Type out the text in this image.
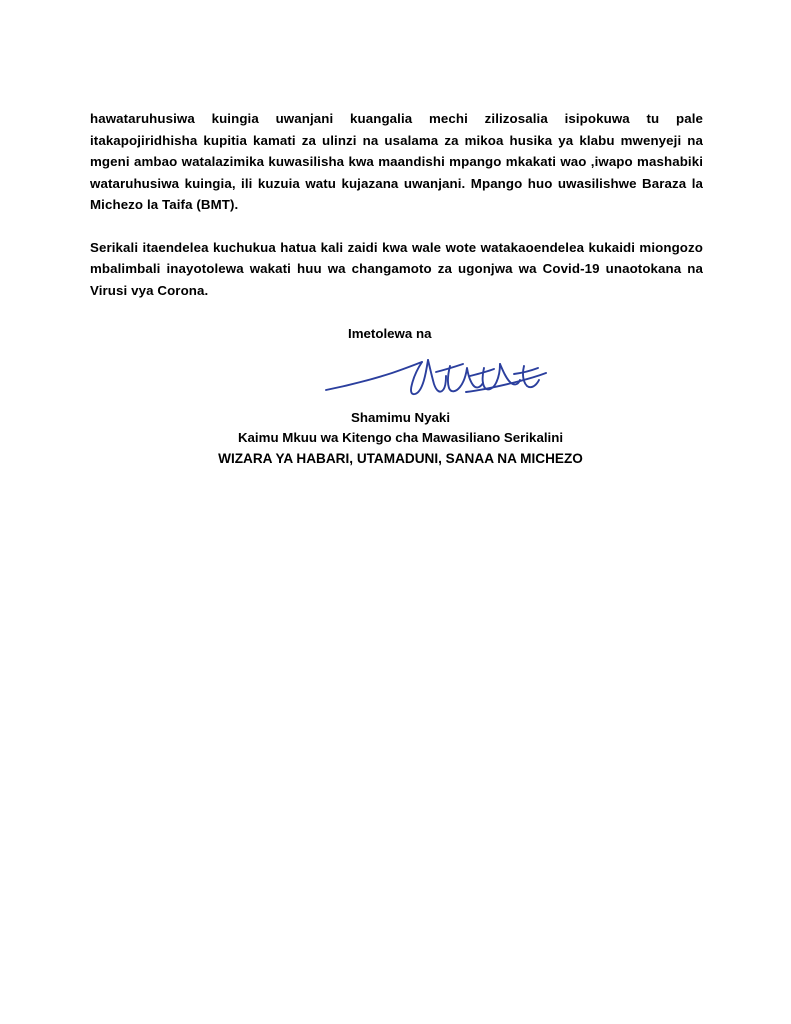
hawataruhusiwa kuingia uwanjani kuangalia mechi zilizosalia isipokuwa tu pale itakapojiridhisha kupitia kamati za ulinzi na usalama za mikoa husika ya klabu mwenyeji na mgeni ambao watalazimika kuwasilisha kwa maandishi mpango mkakati wao ,iwapo mashabiki wataruhusiwa kuingia, ili kuzuia watu kujazana uwanjani. Mpango huo uwasilishwe Baraza la Michezo la Taifa (BMT).

Serikali itaendelea kuchukua hatua kali zaidi kwa wale wote watakaoendelea kukaidi miongozo mbalimbali inayotolewa wakati huu wa changamoto za ugonjwa wa Covid-19 unaotokana na Virusi vya Corona.

Imetolewa na
Shamimu Nyaki
Kaimu Mkuu wa Kitengo cha Mawasiliano Serikalini
WIZARA YA HABARI, UTAMADUNI, SANAA NA MICHEZO
